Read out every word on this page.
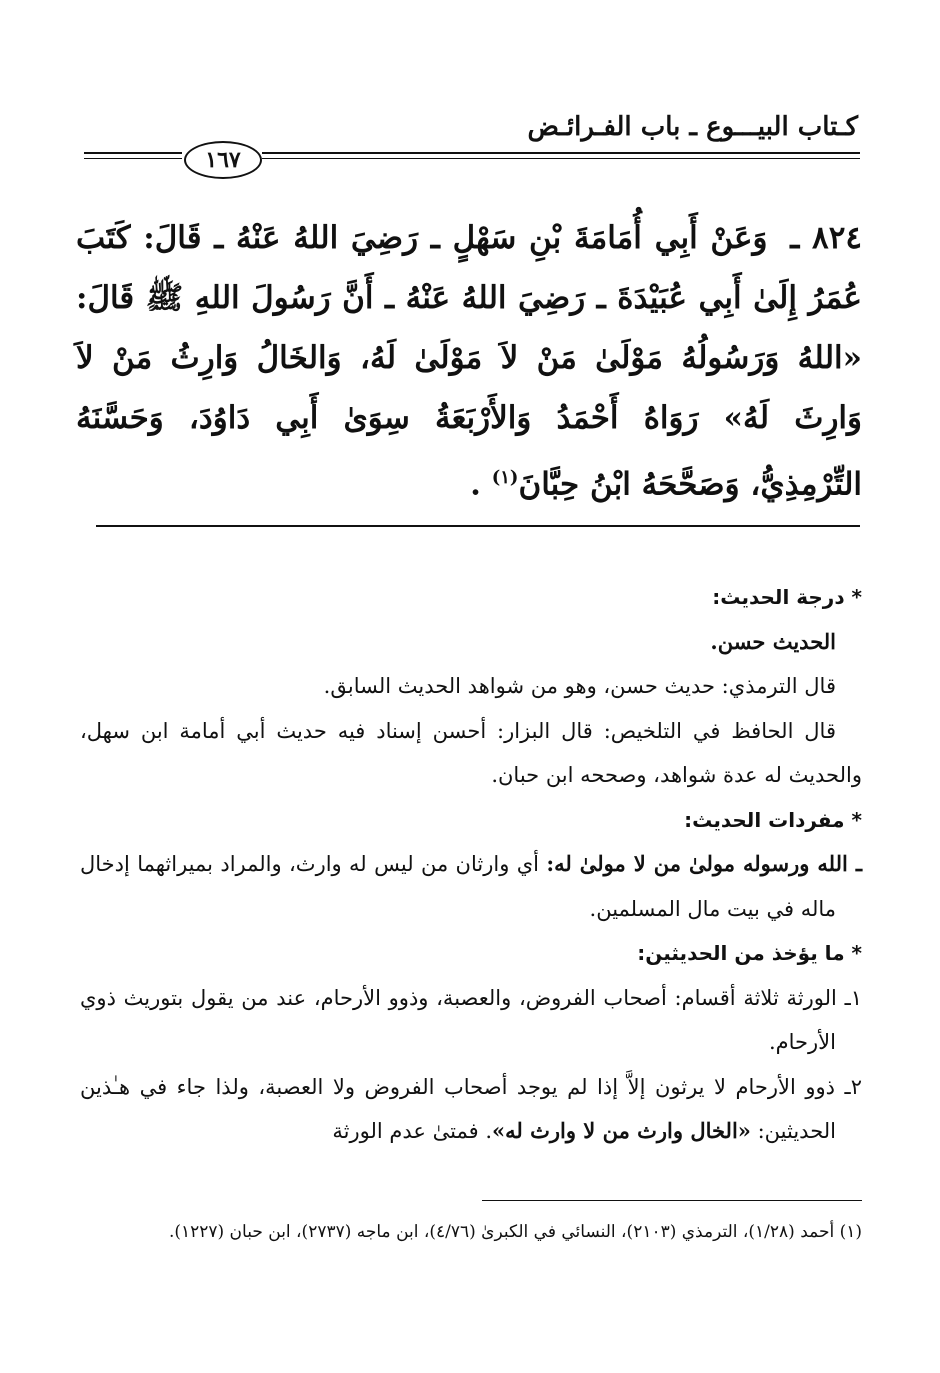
كـتاب البيـــوع ـ باب الفـرائـض
١٦٧
٨٢٤ ـ وَعَنْ أَبِي أُمَامَةَ بْنِ سَهْلٍ ـ رَضِيَ اللهُ عَنْهُ ـ قَالَ: كَتَبَ عُمَرُ إِلَىٰ أَبِي عُبَيْدَةَ ـ رَضِيَ اللهُ عَنْهُ ـ أَنَّ رَسُولَ اللهِ ﷺ قَالَ: «اللهُ وَرَسُولُهُ مَوْلَىٰ مَنْ لاَ مَوْلَىٰ لَهُ، وَالخَالُ وَارِثُ مَنْ لاَ وَارِثَ لَهُ» رَوَاهُ أَحْمَدُ وَالأَرْبَعَةُ سِوَىٰ أَبِي دَاوُدَ، وَحَسَّنَهُ التِّرْمِذِيُّ، وَصَحَّحَهُ ابْنُ حِبَّانَ$^{(١)}$ .
* درجة الحديث:
الحديث حسن.
قال الترمذي: حديث حسن، وهو من شواهد الحديث السابق.
قال الحافظ في التلخيص: قال البزار: أحسن إسناد فيه حديث أبي أمامة ابن سهل، والحديث له عدة شواهد، وصححه ابن حبان.
* مفردات الحديث:
ـ الله ورسوله مولىٰ من لا مولىٰ له: أي وارثان من ليس له وارث، والمراد بميراثهما إدخال ماله في بيت مال المسلمين.
* ما يؤخذ من الحديثين:
١ـ الورثة ثلاثة أقسام: أصحاب الفروض، والعصبة، وذوو الأرحام، عند من يقول بتوريث ذوي الأرحام.
٢ـ ذوو الأرحام لا يرثون إلاَّ إذا لم يوجد أصحاب الفروض ولا العصبة، ولذا جاء في هـٰذين الحديثين: «الخال وارث من لا وارث له». فمتىٰ عدم الورثة
(١) أحمد (١/٢٨)، الترمذي (٢١٠٣)، النسائي في الكبرىٰ (٤/٧٦)، ابن ماجه (٢٧٣٧)، ابن حبان (١٢٢٧).
